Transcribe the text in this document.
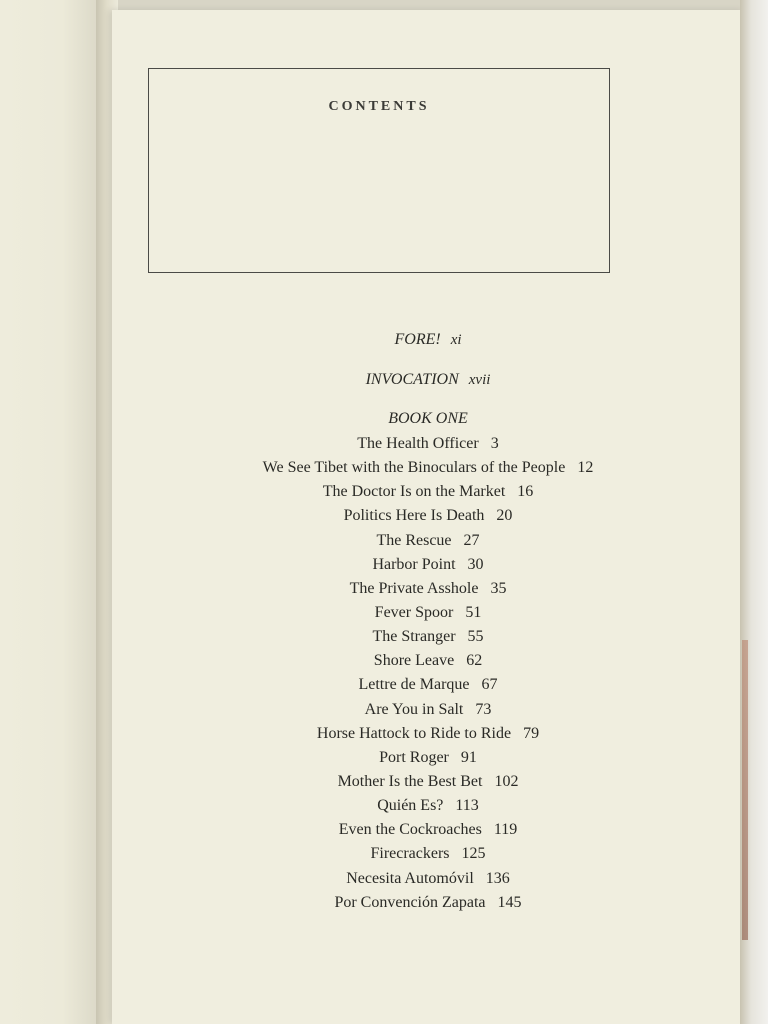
CONTENTS
FORE! xi
INVOCATION xvii
BOOK ONE
The Health Officer 3
We See Tibet with the Binoculars of the People 12
The Doctor Is on the Market 16
Politics Here Is Death 20
The Rescue 27
Harbor Point 30
The Private Asshole 35
Fever Spoor 51
The Stranger 55
Shore Leave 62
Lettre de Marque 67
Are You in Salt 73
Horse Hattock to Ride to Ride 79
Port Roger 91
Mother Is the Best Bet 102
Quién Es? 113
Even the Cockroaches 119
Firecrackers 125
Necesita Automóvil 136
Por Convención Zapata 145
